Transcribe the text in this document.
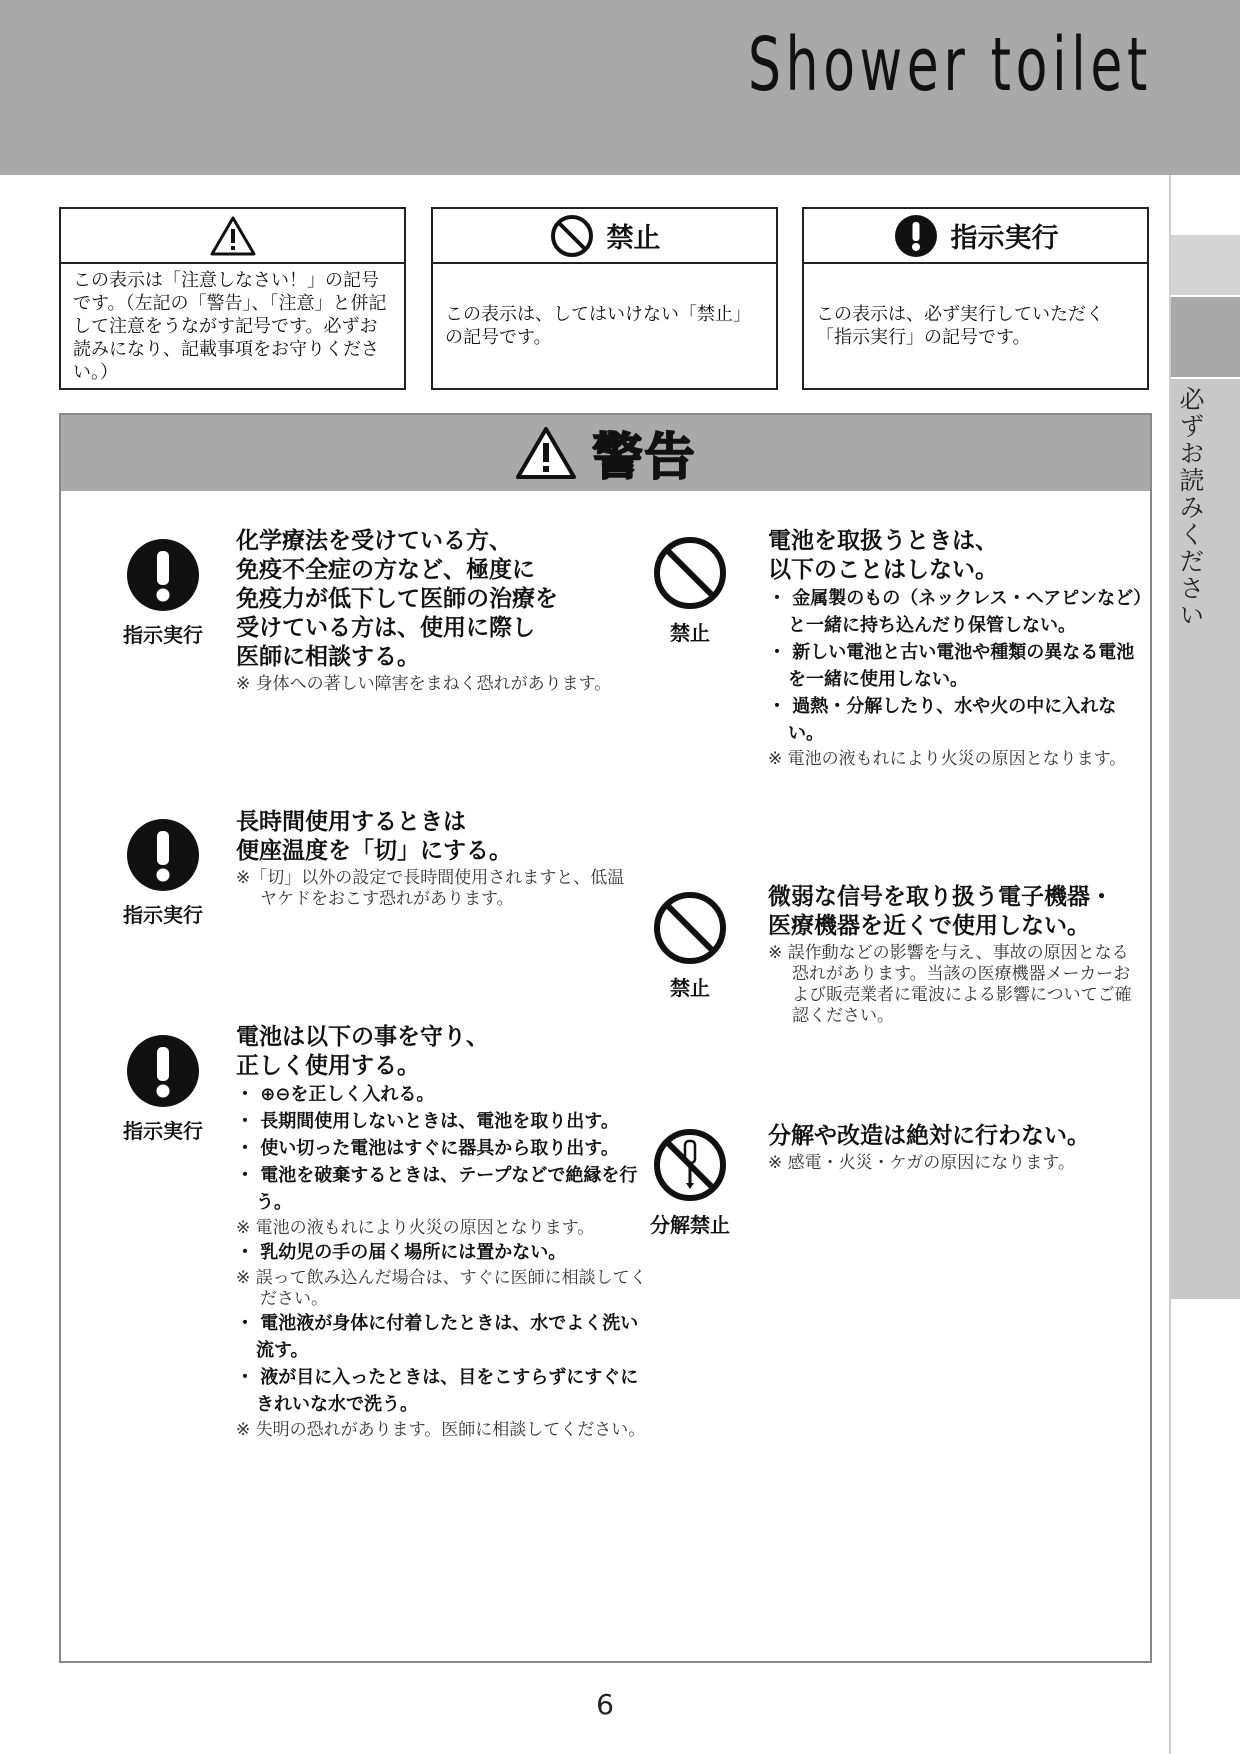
Shower toilet
必ずお読みください
この表示は「注意しなさい！」の記号です。（左記の「警告」、「注意」と併記して注意をうながす記号です。必ずお読みになり、記載事項をお守りください。）
禁止
この表示は、してはいけない「禁止」の記号です。
指示実行
この表示は、必ず実行していただく「指示実行」の記号です。
警告
指示実行
化学療法を受けている方、
免疫不全症の方など、極度に
免疫力が低下して医師の治療を
受けている方は、使用に際し
医師に相談する。
※ 身体への著しい障害をまねく恐れがあります。
指示実行
長時間使用するときは
便座温度を「切」にする。
※「切」以外の設定で長時間使用されますと、低温ヤケドをおこす恐れがあります。
指示実行
電池は以下の事を守り、
正しく使用する。
・ ⊕⊖を正しく入れる。
・ 長期間使用しないときは、電池を取り出す。
・ 使い切った電池はすぐに器具から取り出す。
・ 電池を破棄するときは、テープなどで絶縁を行う。
※ 電池の液もれにより火災の原因となります。
・ 乳幼児の手の届く場所には置かない。
※ 誤って飲み込んだ場合は、すぐに医師に相談してください。
・ 電池液が身体に付着したときは、水でよく洗い流す。
・ 液が目に入ったときは、目をこすらずにすぐにきれいな水で洗う。
※ 失明の恐れがあります。医師に相談してください。
禁止
電池を取扱うときは、
以下のことはしない。
・ 金属製のもの（ネックレス・ヘアピンなど）と一緒に持ち込んだり保管しない。
・ 新しい電池と古い電池や種類の異なる電池を一緒に使用しない。
・ 過熱・分解したり、水や火の中に入れない。
※ 電池の液もれにより火災の原因となります。
禁止
微弱な信号を取り扱う電子機器・
医療機器を近くで使用しない。
※ 誤作動などの影響を与え、事故の原因となる恐れがあります。当該の医療機器メーカーおよび販売業者に電波による影響についてご確認ください。
分解禁止
分解や改造は絶対に行わない。
※ 感電・火災・ケガの原因になります。
6
